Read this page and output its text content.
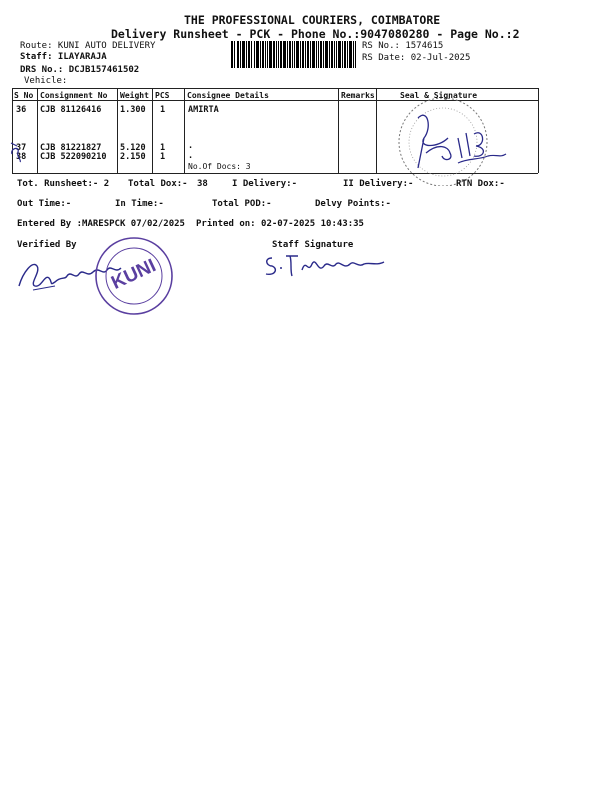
THE PROFESSIONAL COURIERS, COIMBATORE
Delivery Runsheet - PCK - Phone No.:9047080280 - Page No.:2
Route: KUNI AUTO DELIVERY
Staff: ILAYARAJA
DRS No.: DCJB157461502
Vehicle:
RS No.: 1574615
RS Date: 02-Jul-2025
S No Consignment No Weight PCS Consignee Details	Remarks	Seal & Signature
36 CJB 81126416 1.300 1	AMIRTA
37 CJB 81221827 5.120 1	.
38 CJB 522090210 2.150 1	.
No.Of Docs: 3
Tot. Runsheet:- 2 Total Dox:- 38	I Delivery:-	II Delivery:-	RTN Dox:-
Out Time:-	In Time:-	Total POD:-	Delvy Points:-
Entered By :MARESPCK 07/02/2025 Printed on: 02-07-2025 10:43:35
Verified By	Staff Signature
KUNI
